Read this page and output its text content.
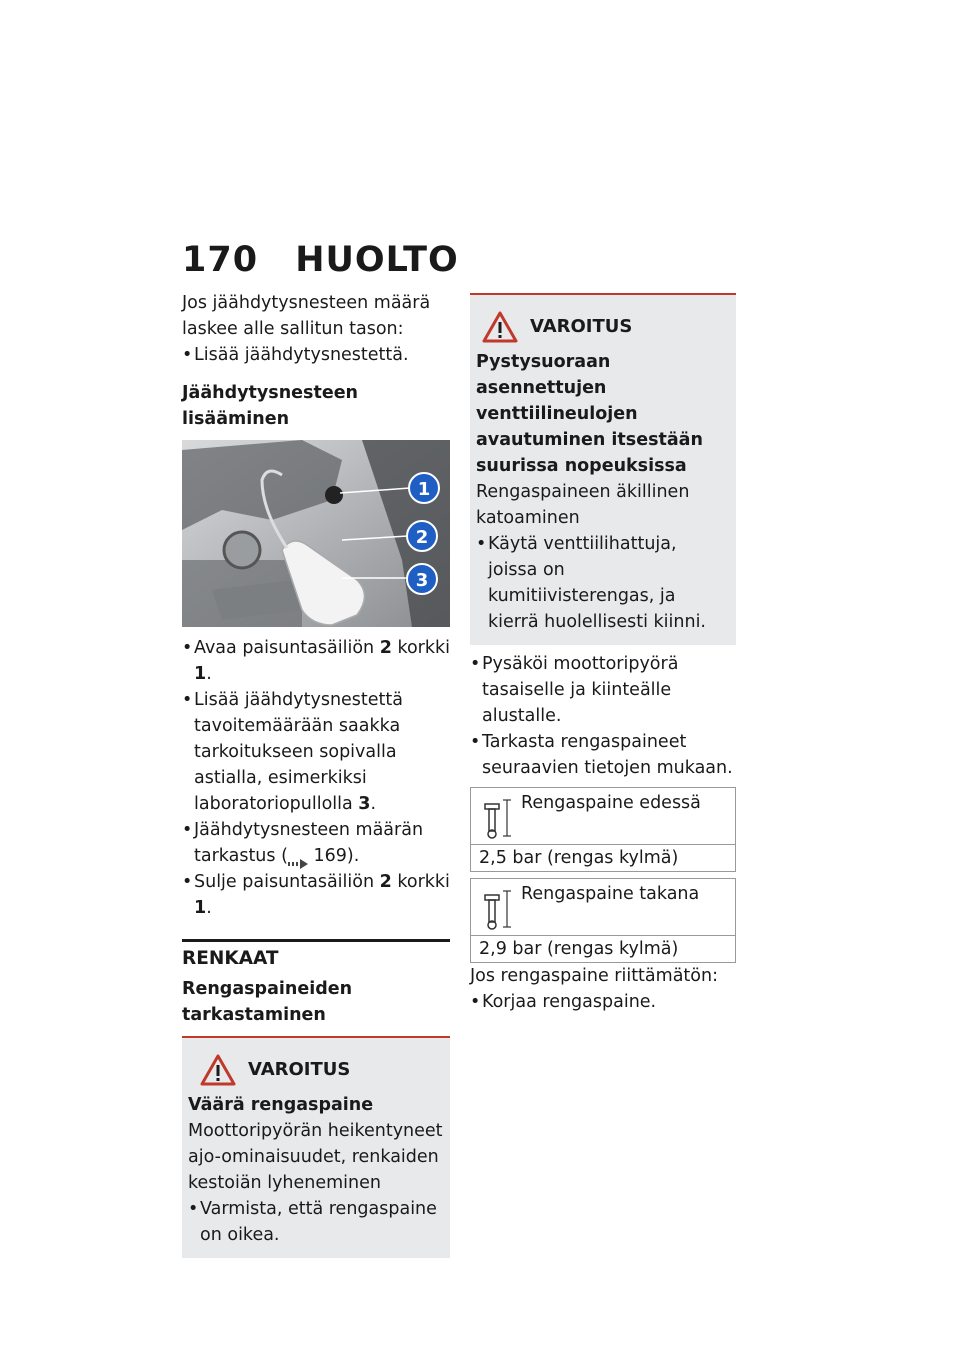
170 HUOLTO

Jos jäähdytysnesteen määrä laskee alle sallitun tason:

• Lisää jäähdytysnestettä.

Jäähdytysnesteen lisääminen

1
2
3

• Avaa paisuntasäiliön 2 korkki 1.

• Lisää jäähdytysnestettä tavoitemäärään saakka tarkoitukseen sopivalla astialla, esimerkiksi laboratoriopullolla 3.

• Jäähdytysnesteen määrän tarkastus ( 169).

• Sulje paisuntasäiliön 2 korkki 1.

RENKAAT

Rengaspaineiden tarkastaminen

VAROITUS

Väärä rengaspaine

Moottoripyörän heikentyneet ajo-ominaisuudet, renkaiden kestoiän lyheneminen

• Varmista, että rengaspaine on oikea.

VAROITUS

Pystysuoraan asennettujen venttiilineulojen avautuminen itsestään suurissa nopeuksissa

Rengaspaineen äkillinen katoaminen

• Käytä venttiilihattuja, joissa on kumitiivisterengas, ja kierrä huolellisesti kiinni.

• Pysäköi moottoripyörä tasaiselle ja kiinteälle alustalle.

• Tarkasta rengaspaineet seuraavien tietojen mukaan.

Rengaspaine edessä
2,5 bar (rengas kylmä)
Rengaspaine takana
2,9 bar (rengas kylmä)

Jos rengaspaine riittämätön:

• Korjaa rengaspaine.
